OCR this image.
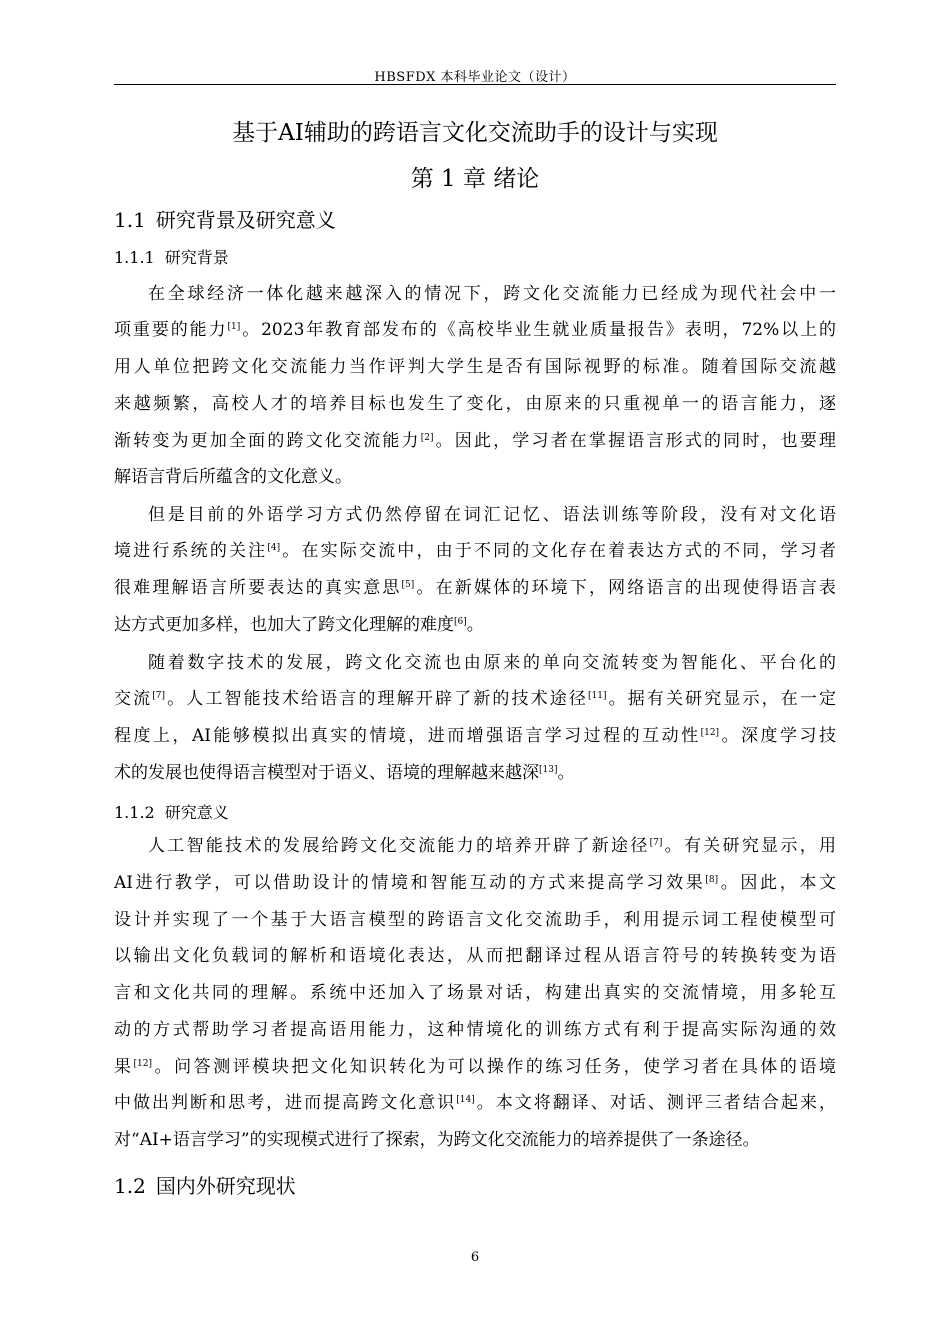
HBSFDX 本科毕业论文（设计）
基于AI辅助的跨语言文化交流助手的设计与实现
第 1 章 绪论
1.1 研究背景及研究意义
1.1.1 研究背景
在全球经济一体化越来越深入的情况下，跨文化交流能力已经成为现代社会中一
项重要的能力[1]。2023年教育部发布的《高校毕业生就业质量报告》表明，72%以上的
用人单位把跨文化交流能力当作评判大学生是否有国际视野的标准。随着国际交流越
来越频繁，高校人才的培养目标也发生了变化，由原来的只重视单一的语言能力，逐
渐转变为更加全面的跨文化交流能力[2]。因此，学习者在掌握语言形式的同时，也要理
解语言背后所蕴含的文化意义。
但是目前的外语学习方式仍然停留在词汇记忆、语法训练等阶段，没有对文化语
境进行系统的关注[4]。在实际交流中，由于不同的文化存在着表达方式的不同，学习者
很难理解语言所要表达的真实意思[5]。在新媒体的环境下，网络语言的出现使得语言表
达方式更加多样，也加大了跨文化理解的难度[6]。
随着数字技术的发展，跨文化交流也由原来的单向交流转变为智能化、平台化的
交流[7]。人工智能技术给语言的理解开辟了新的技术途径[11]。据有关研究显示，在一定
程度上，AI能够模拟出真实的情境，进而增强语言学习过程的互动性[12]。深度学习技
术的发展也使得语言模型对于语义、语境的理解越来越深[13]。
1.1.2 研究意义
人工智能技术的发展给跨文化交流能力的培养开辟了新途径[7]。有关研究显示，用
AI进行教学，可以借助设计的情境和智能互动的方式来提高学习效果[8]。因此，本文
设计并实现了一个基于大语言模型的跨语言文化交流助手，利用提示词工程使模型可
以输出文化负载词的解析和语境化表达，从而把翻译过程从语言符号的转换转变为语
言和文化共同的理解。系统中还加入了场景对话，构建出真实的交流情境，用多轮互
动的方式帮助学习者提高语用能力，这种情境化的训练方式有利于提高实际沟通的效
果[12]。问答测评模块把文化知识转化为可以操作的练习任务，使学习者在具体的语境
中做出判断和思考，进而提高跨文化意识[14]。本文将翻译、对话、测评三者结合起来，
对“AI+语言学习”的实现模式进行了探索，为跨文化交流能力的培养提供了一条途径。
1.2 国内外研究现状
6
